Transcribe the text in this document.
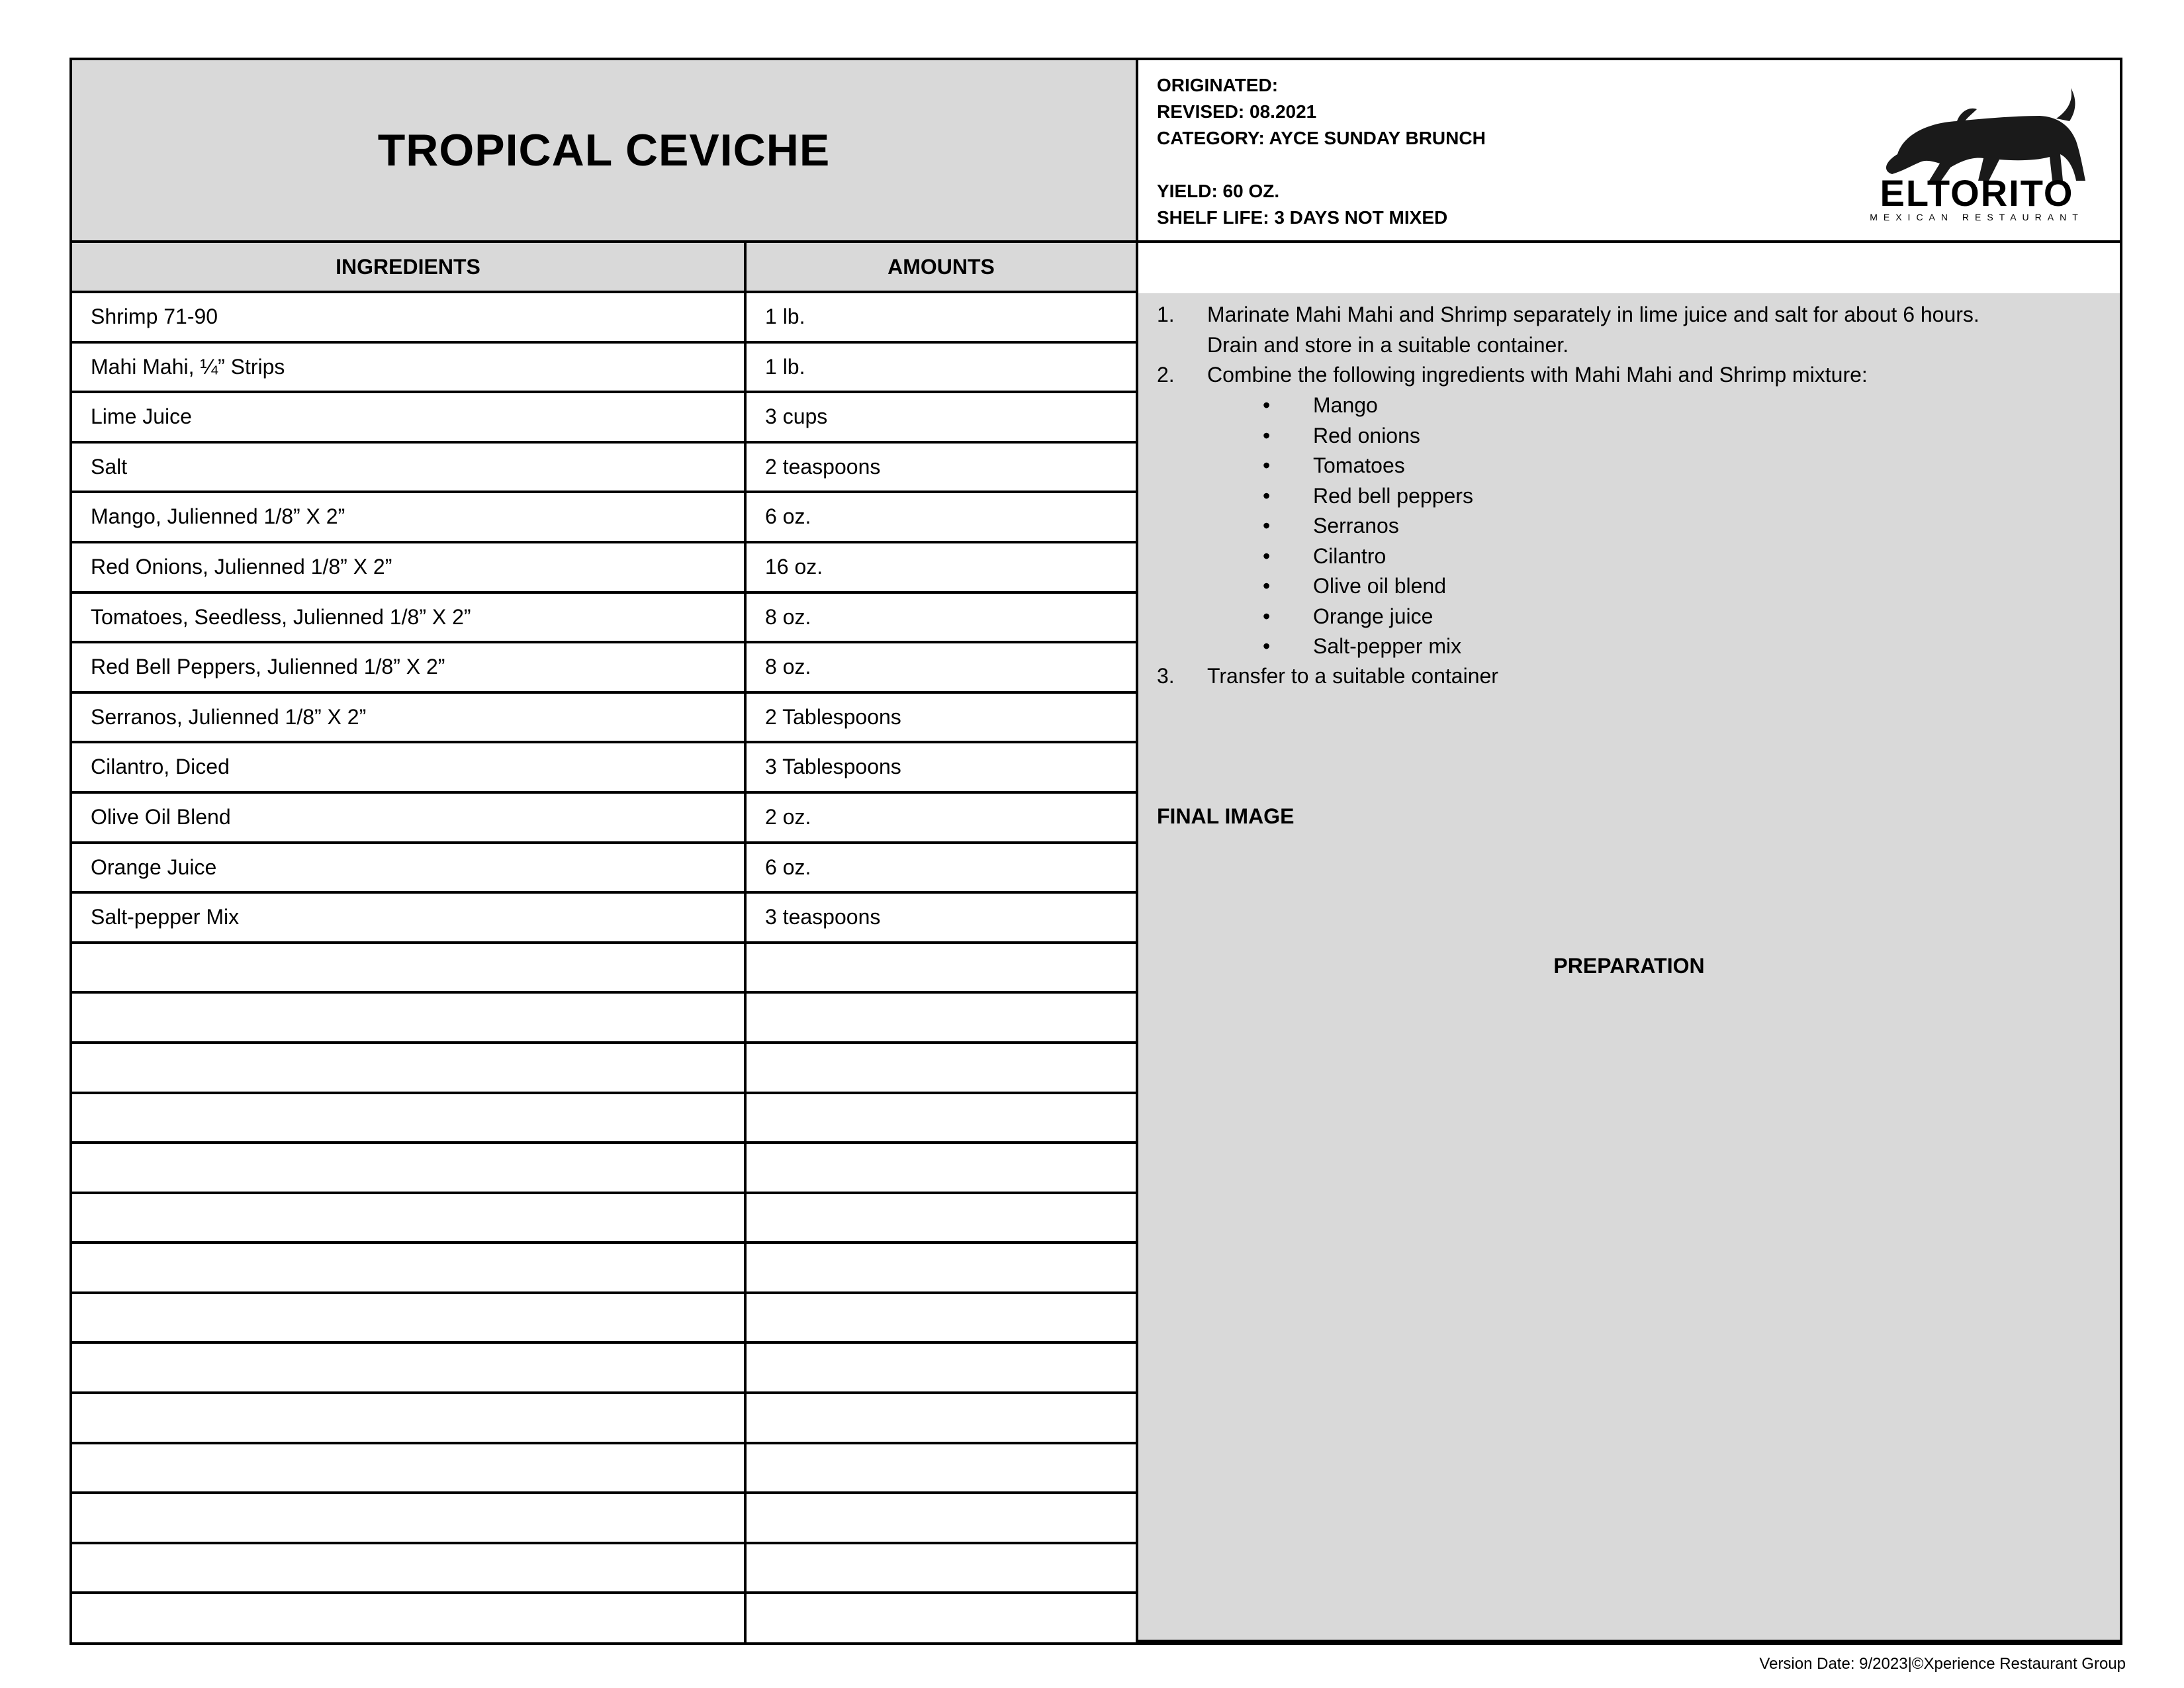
TROPICAL CEVICHE
ORIGINATED:
REVISED: 08.2021
CATEGORY: AYCE SUNDAY BRUNCH
YIELD: 60 OZ.
SHELF LIFE: 3 DAYS NOT MIXED
ELTORITO
MEXICAN RESTAURANT
INGREDIENTS	AMOUNTS
PREPARATION
Shrimp 71-90	1 lb.
Mahi Mahi, ¼” Strips	1 lb.
Lime Juice	3 cups
Salt	2 teaspoons
Mango, Julienned 1/8” X 2”	6 oz.
Red Onions, Julienned 1/8” X 2”	16 oz.
Tomatoes, Seedless, Julienned 1/8” X 2”	8 oz.
Red Bell Peppers, Julienned 1/8” X 2”	8 oz.
Serranos, Julienned 1/8” X 2”	2 Tablespoons
Cilantro, Diced	3 Tablespoons
Olive Oil Blend	2 oz.
Orange Juice	6 oz.
Salt-pepper Mix	3 teaspoons
1. Marinate Mahi Mahi and Shrimp separately in lime juice and salt for about 6 hours.
Drain and store in a suitable container.
2. Combine the following ingredients with Mahi Mahi and Shrimp mixture:
• Mango
• Red onions
• Tomatoes
• Red bell peppers
• Serranos
• Cilantro
• Olive oil blend
• Orange juice
• Salt-pepper mix
3. Transfer to a suitable container
FINAL IMAGE
Version Date: 9/2023|©Xperience Restaurant Group
